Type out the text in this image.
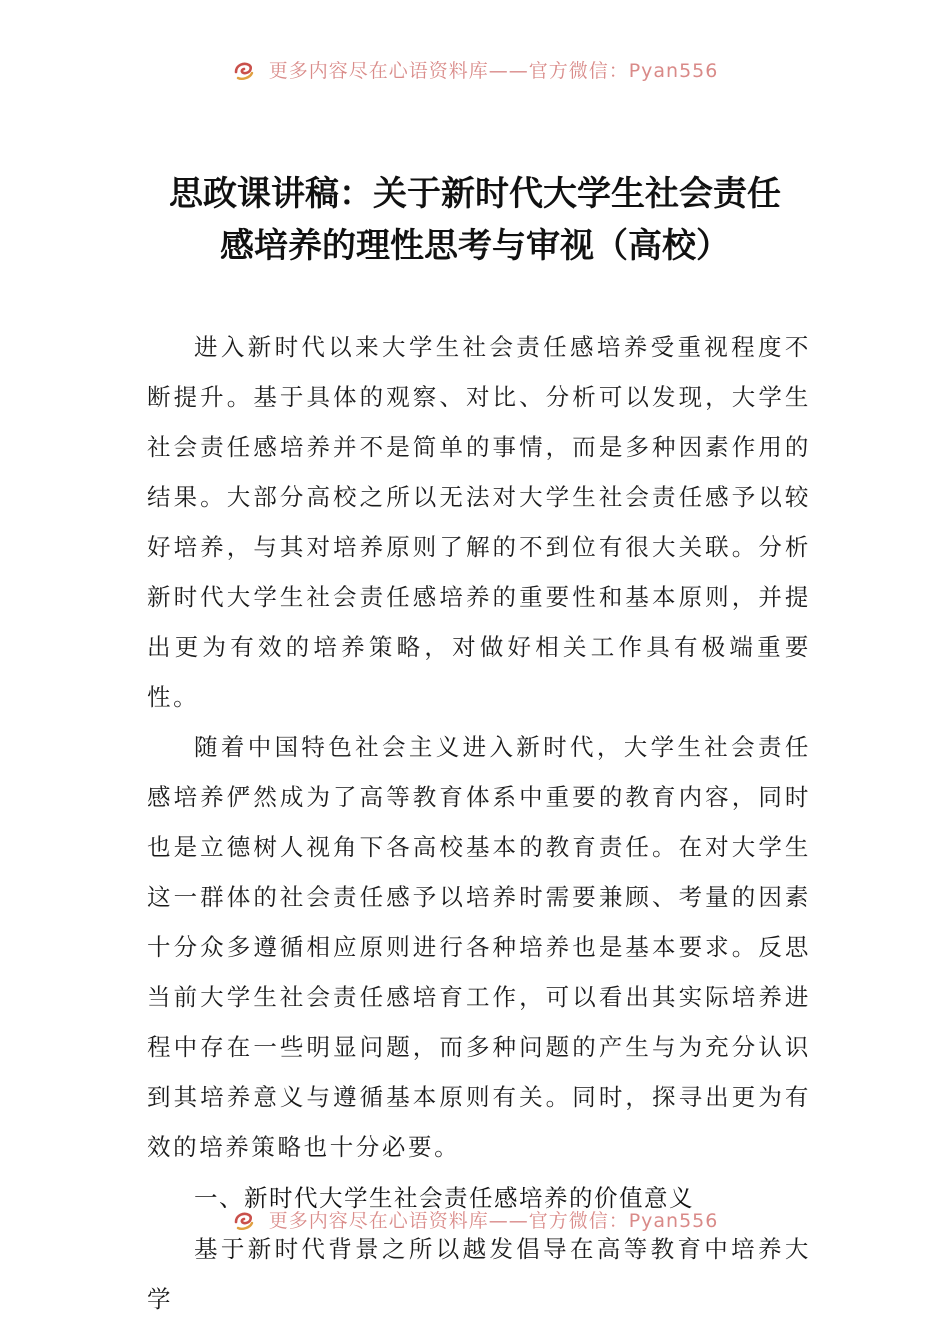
更多内容尽在心语资料库——官方微信：Pyan556
思政课讲稿：关于新时代大学生社会责任
感培养的理性思考与审视（高校）

进入新时代以来大学生社会责任感培养受重视程度不断提升。基于具体的观察、对比、分析可以发现，大学生社会责任感培养并不是简单的事情，而是多种因素作用的结果。大部分高校之所以无法对大学生社会责任感予以较好培养，与其对培养原则了解的不到位有很大关联。分析新时代大学生社会责任感培养的重要性和基本原则，并提出更为有效的培养策略，对做好相关工作具有极端重要性。

随着中国特色社会主义进入新时代，大学生社会责任感培养俨然成为了高等教育体系中重要的教育内容，同时也是立德树人视角下各高校基本的教育责任。在对大学生这一群体的社会责任感予以培养时需要兼顾、考量的因素十分众多遵循相应原则进行各种培养也是基本要求。反思当前大学生社会责任感培育工作，可以看出其实际培养进程中存在一些明显问题，而多种问题的产生与为充分认识到其培养意义与遵循基本原则有关。同时，探寻出更为有效的培养策略也十分必要。

一、新时代大学生社会责任感培养的价值意义

基于新时代背景之所以越发倡导在高等教育中培养大学

更多内容尽在心语资料库——官方微信：Pyan556
